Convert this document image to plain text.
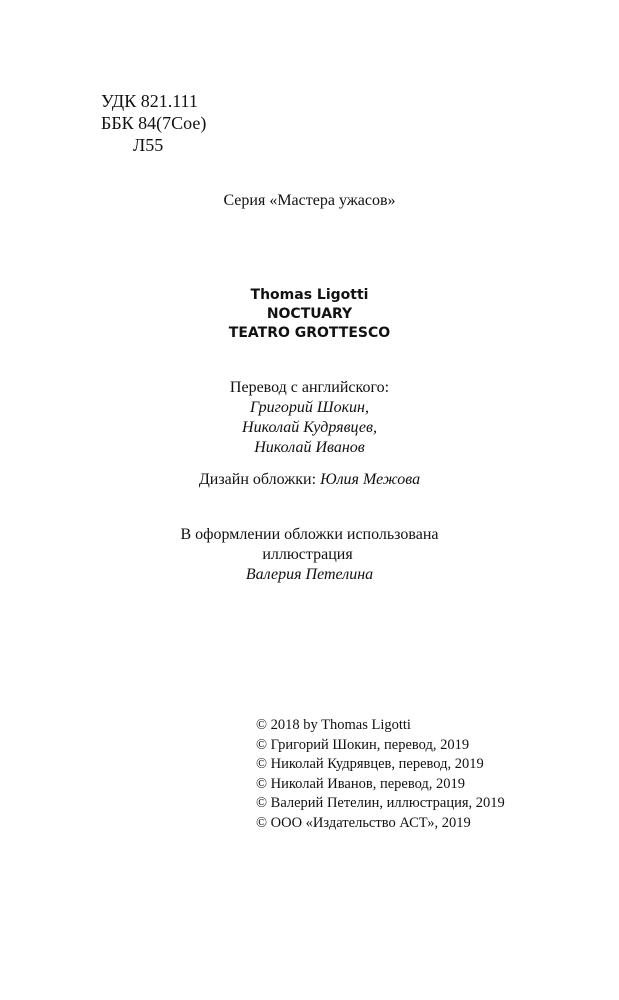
УДК 821.111
ББК 84(7Сое)
Л55
Серия «Мастера ужасов»
Thomas Ligotti
NOCTUARY
TEATRO GROTTESCO
Перевод с английского:
Григорий Шокин,
Николай Кудрявцев,
Николай Иванов
Дизайн обложки: Юлия Межова
В оформлении обложки использована
иллюстрация
Валерия Петелина
© 2018 by Thomas Ligotti
© Григорий Шокин, перевод, 2019
© Николай Кудрявцев, перевод, 2019
© Николай Иванов, перевод, 2019
© Валерий Петелин, иллюстрация, 2019
© ООО «Издательство АСТ», 2019
